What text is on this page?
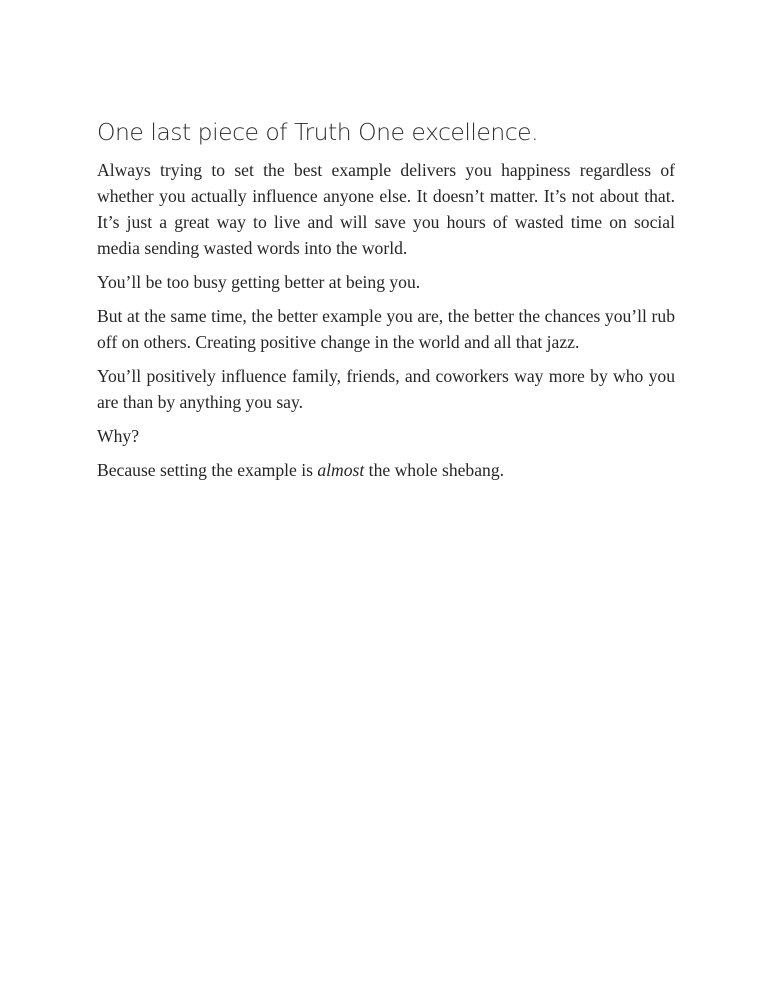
One last piece of Truth One excellence.

Always trying to set the best example delivers you happiness regardless of whether you actually influence anyone else. It doesn’t matter. It’s not about that. It’s just a great way to live and will save you hours of wasted time on social media sending wasted words into the world.

You’ll be too busy getting better at being you.

But at the same time, the better example you are, the better the chances you’ll rub off on others. Creating positive change in the world and all that jazz.

You’ll positively influence family, friends, and coworkers way more by who you are than by anything you say.

Why?

Because setting the example is almost the whole shebang.
